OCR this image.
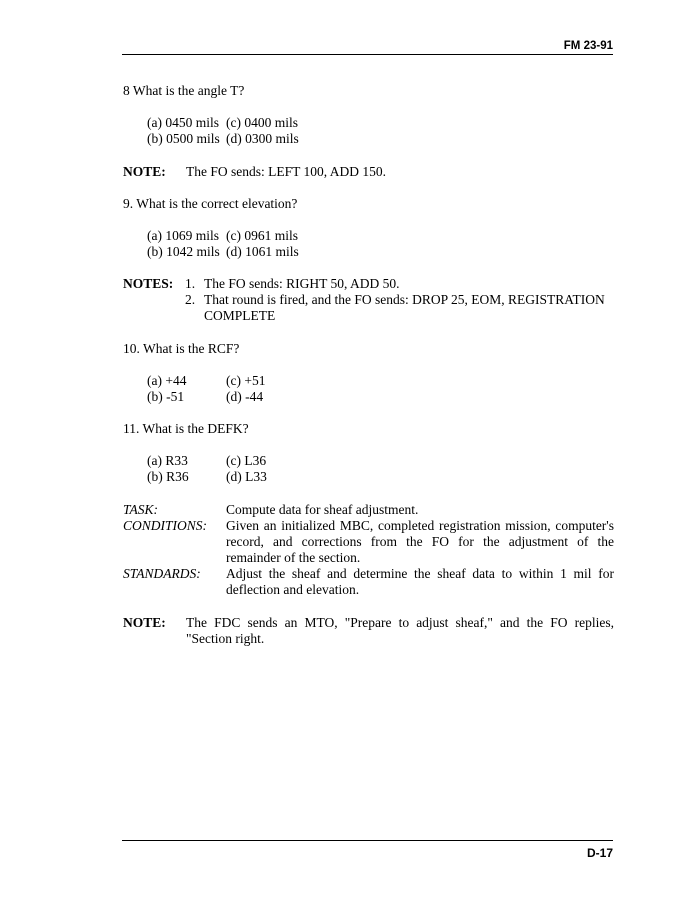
FM 23-91
8 What is the angle T?
(a) 0450 mils (c) 0400 mils
(b) 0500 mils (d) 0300 mils
NOTE: The FO sends: LEFT 100, ADD 150.
9. What is the correct elevation?
(a) 1069 mils (c) 0961 mils
(b) 1042 mils (d) 1061 mils
NOTES: 1. The FO sends: RIGHT 50, ADD 50.
2. That round is fired, and the FO sends: DROP 25, EOM, REGISTRATION
COMPLETE
10. What is the RCF?
(a) +44	(c) +51
(b) -51	(d) -44
11. What is the DEFK?
(a) R33	(c) L36
(b) R36	(d) L33
TASK:	Compute data for sheaf adjustment.
CONDITIONS: Given an initialized MBC, completed registration mission, computer's record, and corrections from the FO for the adjustment of the remainder of the section.
STANDARDS: Adjust the sheaf and determine the sheaf data to within 1 mil for deflection and elevation.
NOTE: The FDC sends an MTO, "Prepare to adjust sheaf," and the FO replies, "Section right.
D-17
